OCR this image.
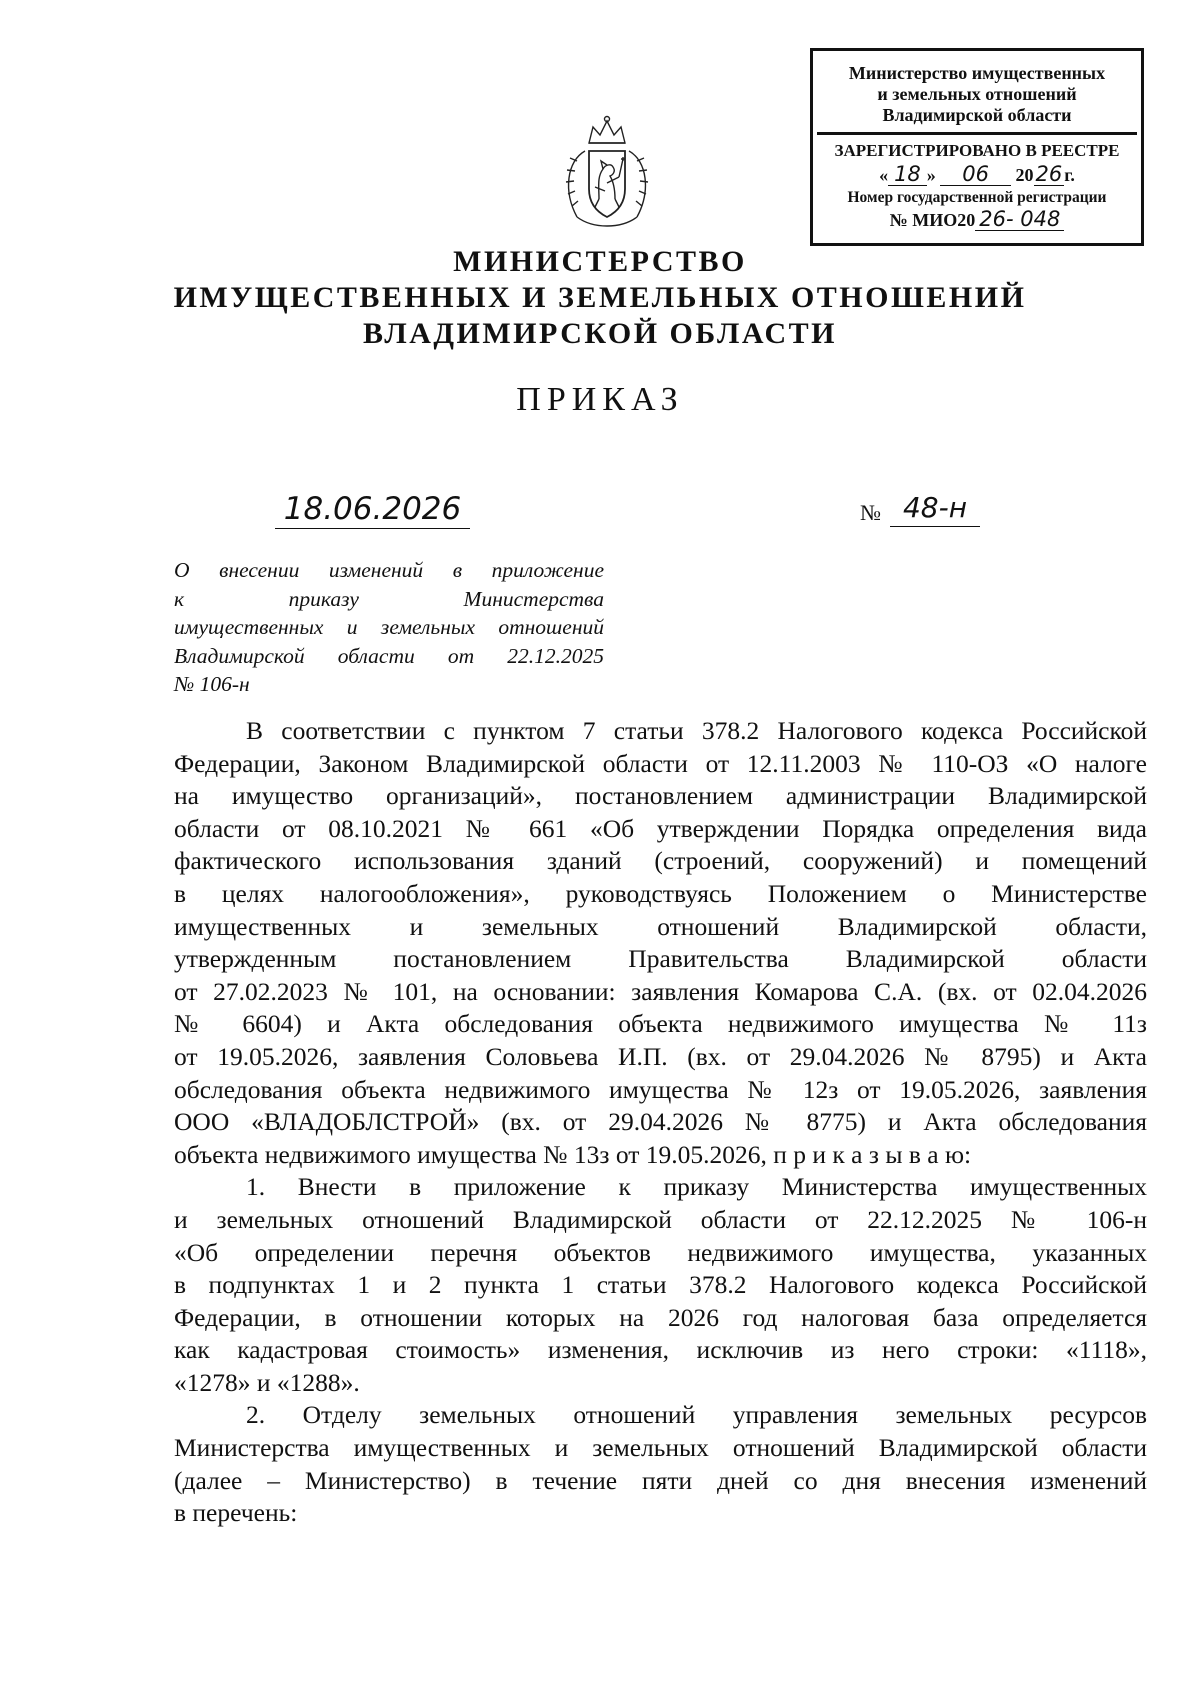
Министерство имущественных
и земельных отношений
Владимирской области
ЗАРЕГИСТРИРОВАНО В РЕЕСТРЕ
« 18 » 06 2026 г.
Номер государственной регистрации
№ МИО20 26- 048
МИНИСТЕРСТВО
ИМУЩЕСТВЕННЫХ И ЗЕМЕЛЬНЫХ ОТНОШЕНИЙ
ВЛАДИМИРСКОЙ ОБЛАСТИ
ПРИКАЗ
18.06.2026	№ 48-н
О внесении изменений в приложение
к приказу Министерства
имущественных и земельных отношений
Владимирской области от 22.12.2025
№ 106-н
В соответствии с пунктом 7 статьи 378.2 Налогового кодекса Российской
Федерации, Законом Владимирской области от 12.11.2003 № 110-ОЗ «О налоге
на имущество организаций», постановлением администрации Владимирской
области от 08.10.2021 № 661 «Об утверждении Порядка определения вида
фактического использования зданий (строений, сооружений) и помещений
в целях налогообложения», руководствуясь Положением о Министерстве
имущественных и земельных отношений Владимирской области,
утвержденным постановлением Правительства Владимирской области
от 27.02.2023 № 101, на основании: заявления Комарова С.А. (вх. от 02.04.2026
№ 6604) и Акта обследования объекта недвижимого имущества № 11з
от 19.05.2026, заявления Соловьева И.П. (вх. от 29.04.2026 № 8795) и Акта
обследования объекта недвижимого имущества № 12з от 19.05.2026, заявления
ООО «ВЛАДОБЛСТРОЙ» (вх. от 29.04.2026 № 8775) и Акта обследования
объекта недвижимого имущества № 13з от 19.05.2026, п р и к а з ы в а ю:
1. Внести в приложение к приказу Министерства имущественных
и земельных отношений Владимирской области от 22.12.2025 № 106-н
«Об определении перечня объектов недвижимого имущества, указанных
в подпунктах 1 и 2 пункта 1 статьи 378.2 Налогового кодекса Российской
Федерации, в отношении которых на 2026 год налоговая база определяется
как кадастровая стоимость» изменения, исключив из него строки: «1118»,
«1278» и «1288».
2. Отделу земельных отношений управления земельных ресурсов
Министерства имущественных и земельных отношений Владимирской области
(далее – Министерство) в течение пяти дней со дня внесения изменений
в перечень:
